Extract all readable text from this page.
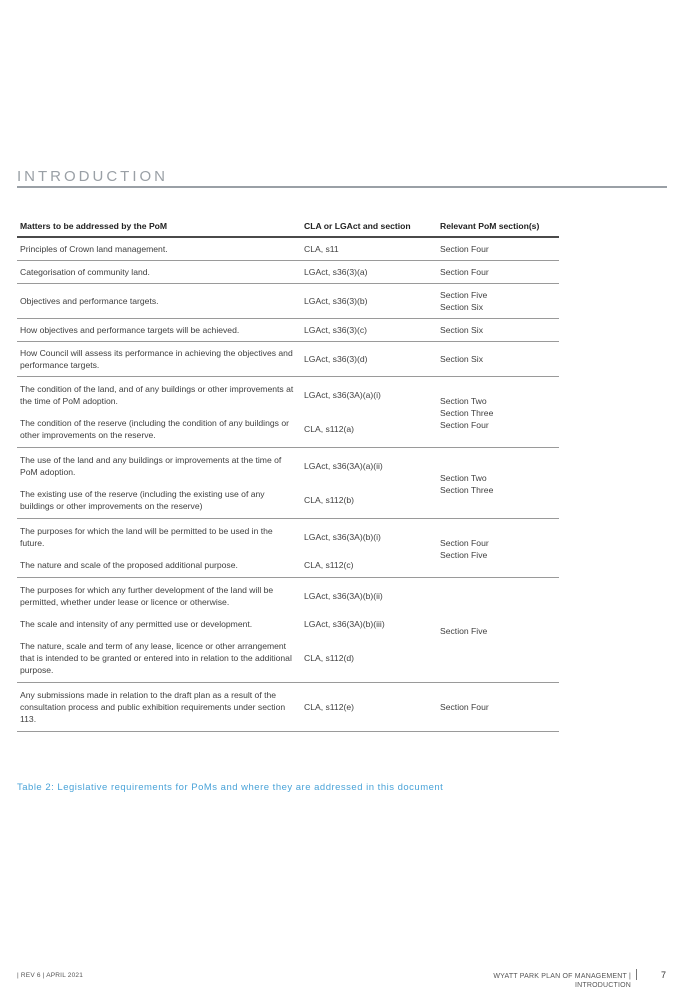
INTRODUCTION
Matters to be addressed by the PoM	CLA or LGAct and section	Relevant PoM section(s)
Principles of Crown land management.	CLA, s11	Section Four

Categorisation of community land.	LGAct, s36(3)(a)	Section Four

Objectives and performance targets.	LGAct, s36(3)(b)	Section Five
Section Six

How objectives and performance targets will be achieved.	LGAct, s36(3)(c)	Section Six

How Council will assess its performance in achieving the objectives and performance targets.	LGAct, s36(3)(d)	Section Six

The condition of the land, and of any buildings or other improvements at the time of PoM adoption.	LGAct, s36(3A)(a)(i)	Section Two
Section Three
Section Four

The condition of the reserve (including the condition of any buildings or other improvements on the reserve.	CLA, s112(a)	
The use of the land and any buildings or improvements at the time of PoM adoption.	LGAct, s36(3A)(a)(ii)	Section Two
Section Three

The existing use of the reserve (including the existing use of any buildings or other improvements on the reserve)	CLA, s112(b)	
The purposes for which the land will be permitted to be used in the future.	LGAct, s36(3A)(b)(i)	Section Four
Section Five

The nature and scale of the proposed additional purpose.	CLA, s112(c)	
The purposes for which any further development of the land will be permitted, whether under lease or licence or otherwise.	LGAct, s36(3A)(b)(ii)	Section Five

The scale and intensity of any permitted use or development.	LGAct, s36(3A)(b)(iii)	
The nature, scale and term of any lease, licence or other arrangement that is intended to be granted or entered into in relation to the additional purpose.	CLA, s112(d)	
Any submissions made in relation to the draft plan as a result of the consultation process and public exhibition requirements under section 113.	CLA, s112(e)	Section Four

Table 2: Legislative requirements for PoMs and where they are addressed in this document

| REV 6 | APRIL 2021	WYATT PARK PLAN OF MANAGEMENT |
INTRODUCTION
7
